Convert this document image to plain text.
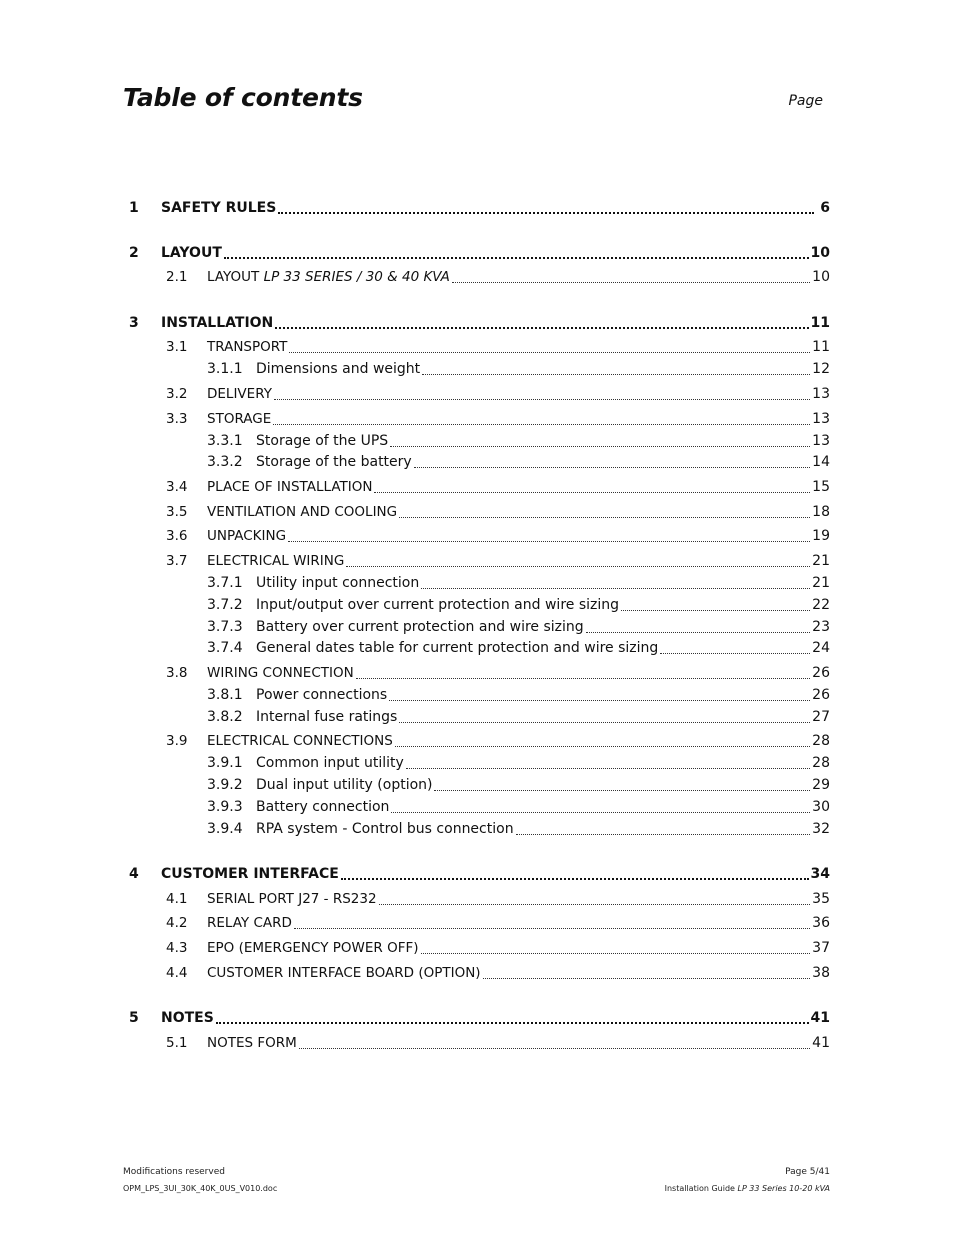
Table of contents	Page
1	SAFETY RULES	6
2	LAYOUT	10
2.1	LAYOUT LP 33 SERIES / 30 & 40 KVA	10
3	INSTALLATION	11
3.1	TRANSPORT	11
3.1.1 Dimensions and weight	12
3.2	DELIVERY	13
3.3	STORAGE	13
3.3.1 Storage of the UPS	13
3.3.2 Storage of the battery	14
3.4	PLACE OF INSTALLATION	15
3.5	VENTILATION AND COOLING	18
3.6	UNPACKING	19
3.7	ELECTRICAL WIRING	21
3.7.1 Utility input connection	21
3.7.2 Input/output over current protection and wire sizing	22
3.7.3 Battery over current protection and wire sizing	23
3.7.4 General dates table for current protection and wire sizing	24
3.8	WIRING CONNECTION	26
3.8.1 Power connections	26
3.8.2 Internal fuse ratings	27
3.9	ELECTRICAL CONNECTIONS	28
3.9.1 Common input utility	28
3.9.2 Dual input utility (option)	29
3.9.3 Battery connection	30
3.9.4 RPA system - Control bus connection	32
4	CUSTOMER INTERFACE	34
4.1	SERIAL PORT J27 - RS232	35
4.2	RELAY CARD	36
4.3	EPO (EMERGENCY POWER OFF)	37
4.4	CUSTOMER INTERFACE BOARD (OPTION)	38
5	NOTES	41
5.1	NOTES FORM	41
Modifications reserved
OPM_LPS_3UI_30K_40K_0US_V010.doc
Page 5/41
Installation Guide LP 33 Series 10-20 kVA
